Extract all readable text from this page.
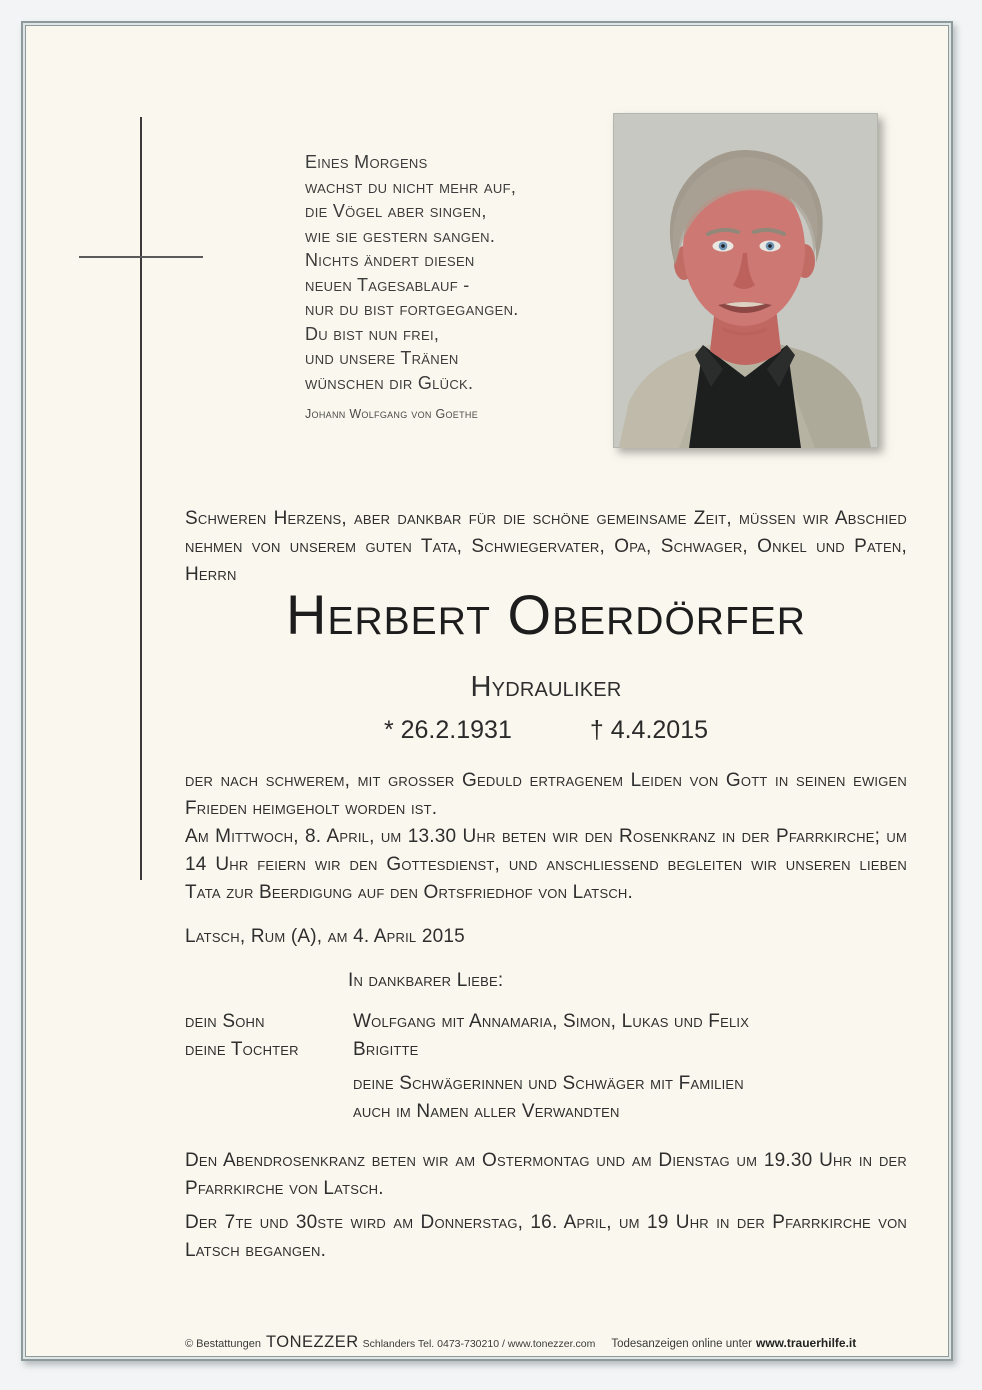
Eines Morgens
wachst du nicht mehr auf,
die Vögel aber singen,
wie sie gestern sangen.
Nichts ändert diesen
neuen Tagesablauf -
nur du bist fortgegangen.
Du bist nun frei,
und unsere Tränen
wünschen dir Glück.
Johann Wolfgang von Goethe
Schweren Herzens, aber dankbar für die schöne gemeinsame Zeit, müssen wir Abschied nehmen von unserem guten Tata, Schwiegervater, Opa, Schwager, Onkel und Paten, Herrn
Herbert Oberdörfer
Hydrauliker
* 26.2.1931	† 4.4.2015

der nach schwerem, mit grosser Geduld ertragenem Leiden von Gott in seinen ewigen Frieden heimgeholt worden ist.

Am Mittwoch, 8. April, um 13.30 Uhr beten wir den Rosenkranz in der Pfarrkirche; um 14 Uhr feiern wir den Gottesdienst, und anschliessend begleiten wir unseren lieben Tata zur Beerdigung auf den Ortsfriedhof von Latsch.

Latsch, Rum (A), am 4. April 2015
In dankbarer Liebe:
dein Sohn	Wolfgang mit Annamaria, Simon, Lukas und Felix
deine Tochter	Brigitte
deine Schwägerinnen und Schwäger mit Familien
auch im Namen aller Verwandten

Den Abendrosenkranz beten wir am Ostermontag und am Dienstag um 19.30 Uhr in der Pfarrkirche von Latsch.

Der 7te und 30ste wird am Donnerstag, 16. April, um 19 Uhr in der Pfarrkirche von Latsch begangen.

© Bestattungen TONEZZER Schlanders Tel. 0473-730210 / www.tonezzer.com Todesanzeigen online unter www.trauerhilfe.it
